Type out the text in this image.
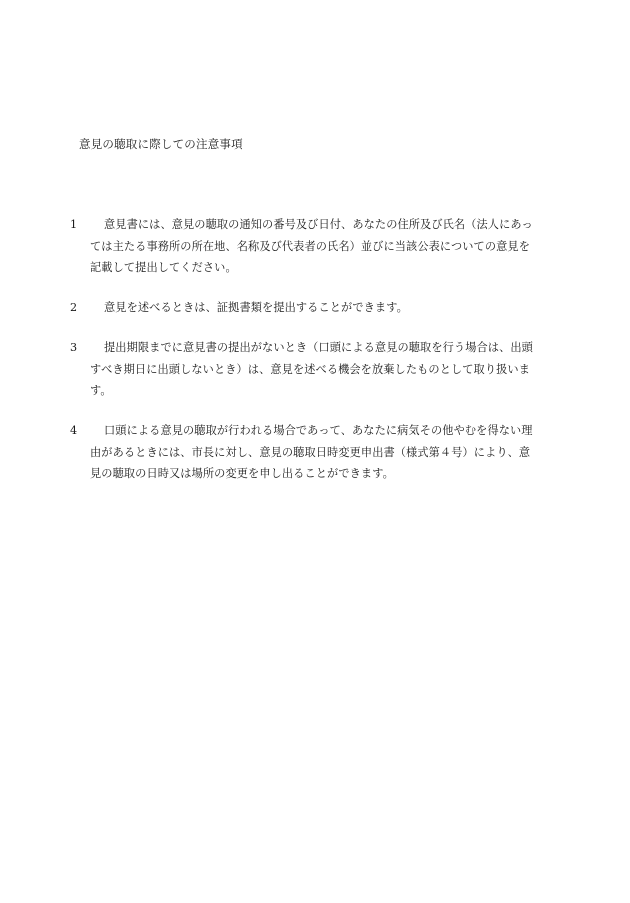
意見の聴取に際しての注意事項
1 意見書には、意見の聴取の通知の番号及び日付、あなたの住所及び氏名（法人にあっ
ては主たる事務所の所在地、名称及び代表者の氏名）並びに当該公表についての意見を
記載して提出してください。
2 意見を述べるときは、証拠書類を提出することができます。
3 提出期限までに意見書の提出がないとき（口頭による意見の聴取を行う場合は、出頭
すべき期日に出頭しないとき）は、意見を述べる機会を放棄したものとして取り扱いま
す。
4 口頭による意見の聴取が行われる場合であって、あなたに病気その他やむを得ない理
由があるときには、市長に対し、意見の聴取日時変更申出書（様式第４号）により、意
見の聴取の日時又は場所の変更を申し出ることができます。
